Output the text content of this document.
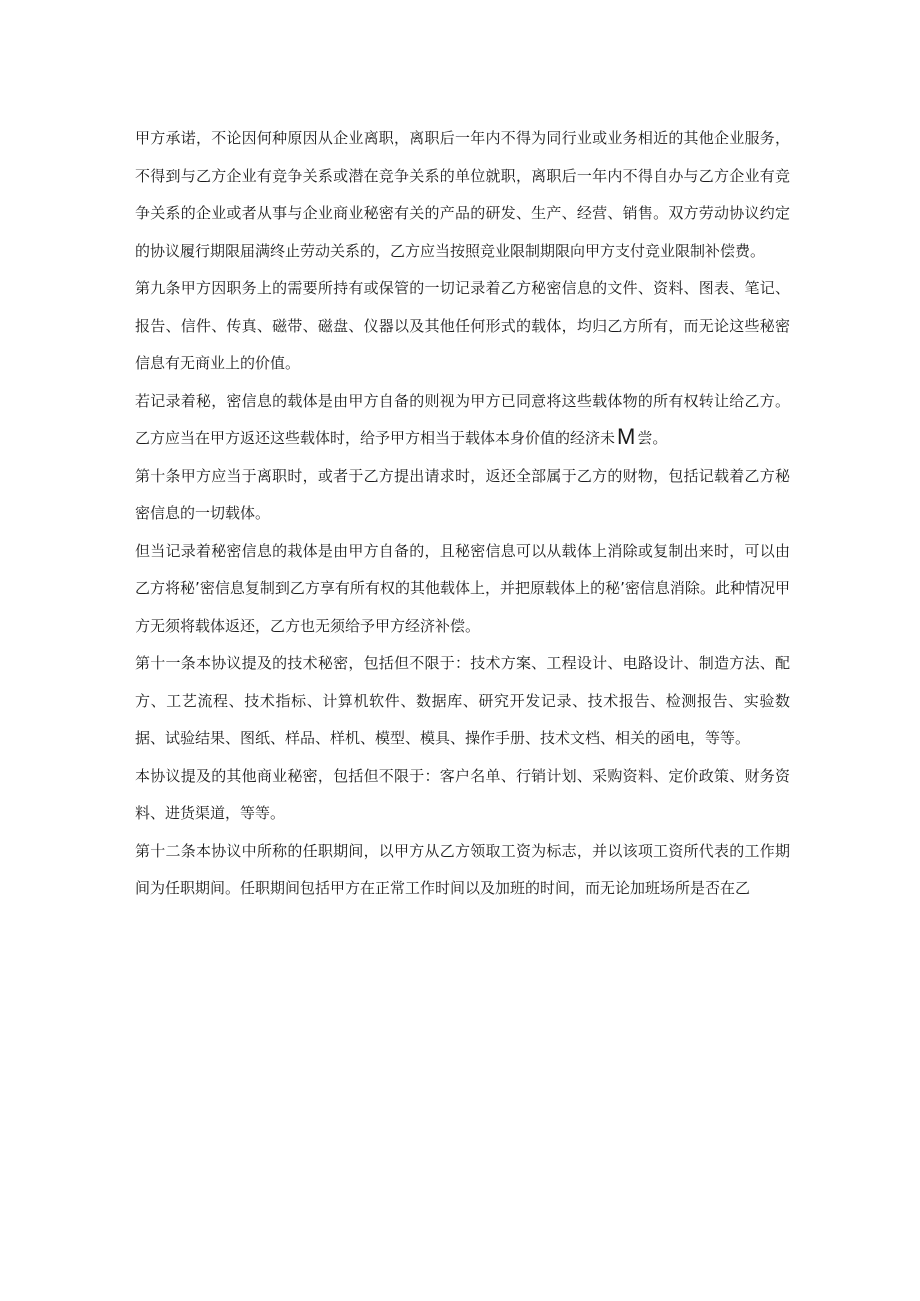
甲方承诺，不论因何种原因从企业离职，离职后一年内不得为同行业或业务相近的其他企业服务，不得到与乙方企业有竞争关系或潜在竞争关系的单位就职，离职后一年内不得自办与乙方企业有竞争关系的企业或者从事与企业商业秘密有关的产品的研发、生产、经营、销售。双方劳动协议约定的协议履行期限届满终止劳动关系的，乙方应当按照竞业限制期限向甲方支付竞业限制补偿费。

第九条甲方因职务上的需要所持有或保管的一切记录着乙方秘密信息的文件、资料、图表、笔记、报告、信件、传真、磁带、磁盘、仪器以及其他任何形式的载体，均归乙方所有，而无论这些秘密信息有无商业上的价值。

若记录着秘，密信息的载体是由甲方自备的则视为甲方已同意将这些载体物的所有权转让给乙方。乙方应当在甲方返还这些载体时，给予甲方相当于载体本身价值的经济未M 尝。

第十条甲方应当于离职时，或者于乙方提出请求时，返还全部属于乙方的财物，包括记载着乙方秘密信息的一切载体。

但当记录着秘密信息的栽体是由甲方自备的，且秘密信息可以从载体上消除或复制出来时，可以由乙方将秘’密信息复制到乙方享有所有权的其他载体上，并把原载体上的秘’密信息消除。此种情况甲方无须将载体返还，乙方也无须给予甲方经济补偿。

第十一条本协议提及的技术秘密，包括但不限于：技术方案、工程设计、电路设计、制造方法、配方、工艺流程、技术指标、计算机软件、数据库、研究开发记录、技术报告、检测报告、实验数据、试验结果、图纸、样品、样机、模型、模具、操作手册、技术文档、相关的函电，等等。

本协议提及的其他商业秘密，包括但不限于：客户名单、行销计划、采购资料、定价政策、财务资料、进货渠道，等等。

第十二条本协议中所称的任职期间，以甲方从乙方领取工资为标志，并以该项工资所代表的工作期间为任职期间。任职期间包括甲方在正常工作时间以及加班的时间，而无论加班场所是否在乙
